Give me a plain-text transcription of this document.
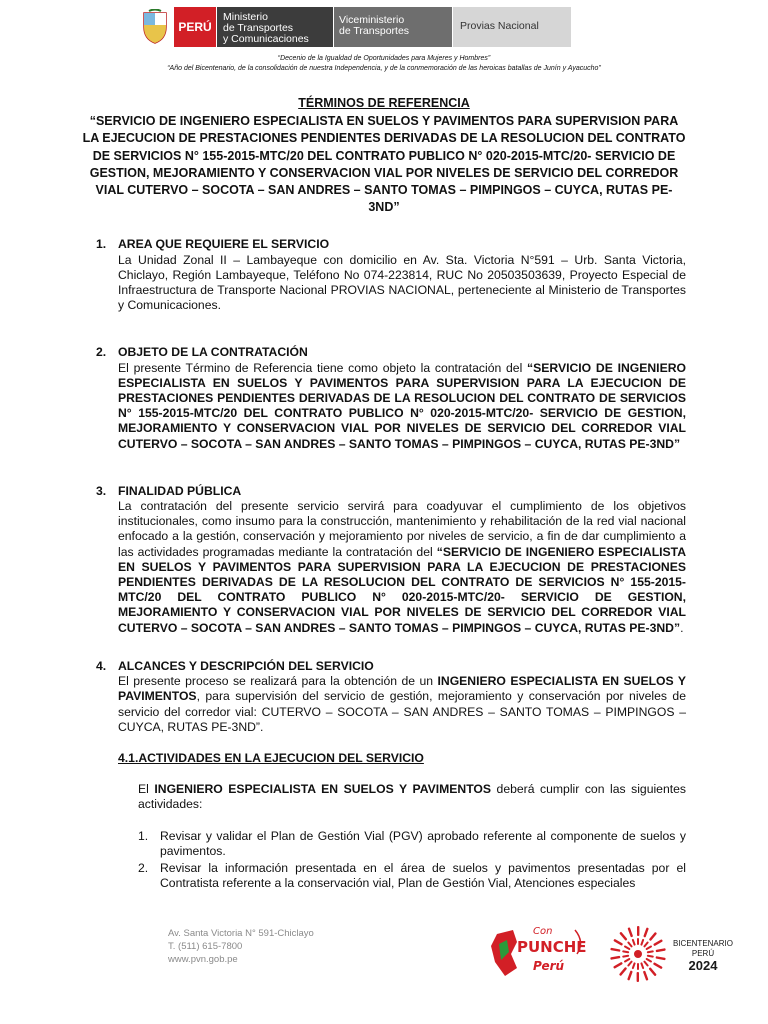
PERÚ
Ministerio
de Transportes
y Comunicaciones
Viceministerio
de Transportes	Provias Nacional
“Decenio de la Igualdad de Oportunidades para Mujeres y Hombres”
“Año del Bicentenario, de la consolidación de nuestra Independencia, y de la conmemoración de las heroicas batallas de Junín y Ayacucho”

TÉRMINOS DE REFERENCIA

“SERVICIO DE INGENIERO ESPECIALISTA EN SUELOS Y PAVIMENTOS PARA SUPERVISION PARA LA EJECUCION DE PRESTACIONES PENDIENTES DERIVADAS DE LA RESOLUCION DEL CONTRATO DE SERVICIOS N° 155-2015-MTC/20 DEL CONTRATO PUBLICO N° 020-2015-MTC/20- SERVICIO DE GESTION, MEJORAMIENTO Y CONSERVACION VIAL POR NIVELES DE SERVICIO DEL CORREDOR VIAL CUTERVO – SOCOTA – SAN ANDRES – SANTO TOMAS – PIMPINGOS – CUYCA, RUTAS PE-3ND”

1. AREA QUE REQUIERE EL SERVICIO
La Unidad Zonal II – Lambayeque con domicilio en Av. Sta. Victoria N°591 – Urb. Santa Victoria, Chiclayo, Región Lambayeque, Teléfono No 074-223814, RUC No 20503503639, Proyecto Especial de Infraestructura de Transporte Nacional PROVIAS NACIONAL, perteneciente al Ministerio de Transportes y Comunicaciones.
2. OBJETO DE LA CONTRATACIÓN
El presente Término de Referencia tiene como objeto la contratación del “SERVICIO DE INGENIERO ESPECIALISTA EN SUELOS Y PAVIMENTOS PARA SUPERVISION PARA LA EJECUCION DE PRESTACIONES PENDIENTES DERIVADAS DE LA RESOLUCION DEL CONTRATO DE SERVICIOS N° 155-2015-MTC/20 DEL CONTRATO PUBLICO N° 020-2015-MTC/20- SERVICIO DE GESTION, MEJORAMIENTO Y CONSERVACION VIAL POR NIVELES DE SERVICIO DEL CORREDOR VIAL CUTERVO – SOCOTA – SAN ANDRES – SANTO TOMAS – PIMPINGOS – CUYCA, RUTAS PE-3ND”
3. FINALIDAD PÚBLICA
La contratación del presente servicio servirá para coadyuvar el cumplimiento de los objetivos institucionales, como insumo para la construcción, mantenimiento y rehabilitación de la red vial nacional enfocado a la gestión, conservación y mejoramiento por niveles de servicio, a fin de dar cumplimiento a las actividades programadas mediante la contratación del “SERVICIO DE INGENIERO ESPECIALISTA EN SUELOS Y PAVIMENTOS PARA SUPERVISION PARA LA EJECUCION DE PRESTACIONES PENDIENTES DERIVADAS DE LA RESOLUCION DEL CONTRATO DE SERVICIOS N° 155-2015-MTC/20 DEL CONTRATO PUBLICO N° 020-2015-MTC/20- SERVICIO DE GESTION, MEJORAMIENTO Y CONSERVACION VIAL POR NIVELES DE SERVICIO DEL CORREDOR VIAL CUTERVO – SOCOTA – SAN ANDRES – SANTO TOMAS – PIMPINGOS – CUYCA, RUTAS PE-3ND”.
4. ALCANCES Y DESCRIPCIÓN DEL SERVICIO
El presente proceso se realizará para la obtención de un INGENIERO ESPECIALISTA EN SUELOS Y PAVIMENTOS, para supervisión del servicio de gestión, mejoramiento y conservación por niveles de servicio del corredor vial: CUTERVO – SOCOTA – SAN ANDRES – SANTO TOMAS – PIMPINGOS – CUYCA, RUTAS PE-3ND”.
4.1.ACTIVIDADES EN LA EJECUCION DEL SERVICIO
El INGENIERO ESPECIALISTA EN SUELOS Y PAVIMENTOS deberá cumplir con las siguientes actividades:
1. Revisar y validar el Plan de Gestión Vial (PGV) aprobado referente al componente de suelos y pavimentos.
2. Revisar la información presentada en el área de suelos y pavimentos presentadas por el Contratista referente a la conservación vial, Plan de Gestión Vial, Atenciones especiales
Av. Santa Victoria N° 591-Chiclayo
T. (511) 615-7800
www.pvn.gob.pe
Con
PUNCHE
Perú
BICENTENARIO
PERÚ
2024
